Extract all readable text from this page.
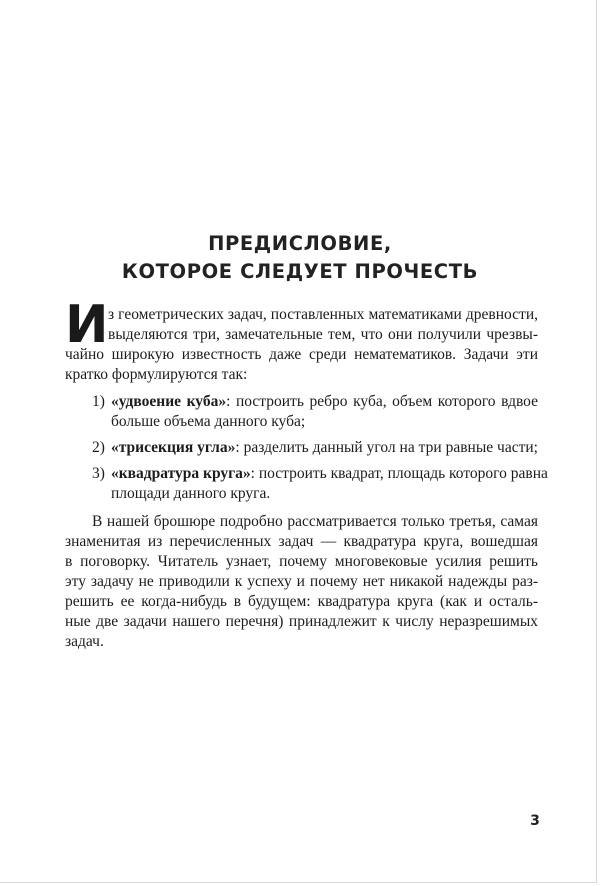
ПРЕДИСЛОВИЕ,
КОТОРОЕ СЛЕДУЕТ ПРОЧЕСТЬ
И з геометрических задач, поставленных математиками древности,
выделяются три, замечательные тем, что они получили чрезвы-
чайно широкую известность даже среди нематематиков. Задачи эти
кратко формулируются так:
1) «удвоение куба»: построить ребро куба, объем которого вдвое
больше объема данного куба;
2) «трисекция угла»: разделить данный угол на три равные части;
3) «квадратура круга»: построить квадрат, площадь которого равна
площади данного круга.
В нашей брошюре подробно рассматривается только третья, самая
знаменитая из перечисленных задач — квадратура круга, вошедшая
в поговорку. Читатель узнает, почему многовековые усилия решить
эту задачу не приводили к успеху и почему нет никакой надежды раз-
решить ее когда-нибудь в будущем: квадратура круга (как и осталь-
ные две задачи нашего перечня) принадлежит к числу неразрешимых
задач.
3
